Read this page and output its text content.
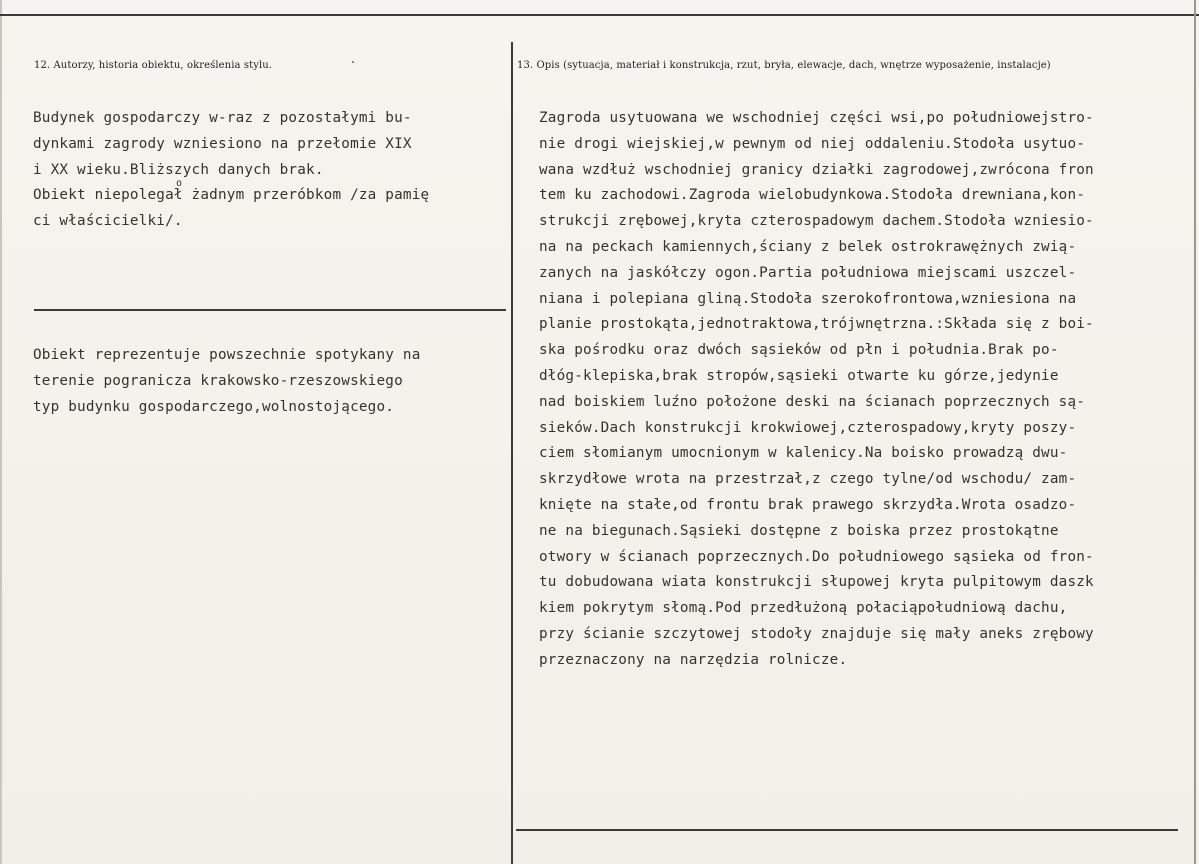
12. Autorzy, historia obiektu, określenia stylu.	13. Opis (sytuacja, materiał i konstrukcja, rzut, bryła, elewacje, dach, wnętrze wyposażenie, instalacje)
Budynek gospodarczy w-raz z pozostałymi bu-
dynkami zagrody wzniesiono na przełomie XIX
i XX wieku.Bliższych danych brak.
Obiekt niepolegał żadnym przeróbkom /za pamię
ci właścicielki/.
o
Obiekt reprezentuje powszechnie spotykany na
terenie pogranicza krakowsko-rzeszowskiego
typ budynku gospodarczego,wolnostojącego.
Zagroda usytuowana we wschodniej części wsi,po południowejstro-
nie drogi wiejskiej,w pewnym od niej oddaleniu.Stodoła usytuo-
wana wzdłuż wschodniej granicy działki zagrodowej,zwrócona fron
tem ku zachodowi.Zagroda wielobudynkowa.Stodoła drewniana,kon-
strukcji zrębowej,kryta czterospadowym dachem.Stodoła wzniesio-
na na peckach kamiennych,ściany z belek ostrokrawężnych zwią-
zanych na jaskółczy ogon.Partia południowa miejscami uszczel-
niana i polepiana gliną.Stodoła szerokofrontowa,wzniesiona na
planie prostokąta,jednotraktowa,trójwnętrzna.:Składa się z boi-
ska pośrodku oraz dwóch sąsieków od płn i południa.Brak po-
dłóg-klepiska,brak stropów,sąsieki otwarte ku górze,jedynie
nad boiskiem luźno położone deski na ścianach poprzecznych są-
sieków.Dach konstrukcji krokwiowej,czterospadowy,kryty poszy-
ciem słomianym umocnionym w kalenicy.Na boisko prowadzą dwu-
skrzydłowe wrota na przestrzał,z czego tylne/od wschodu/ zam-
knięte na stałe,od frontu brak prawego skrzydła.Wrota osadzo-
ne na biegunach.Sąsieki dostępne z boiska przez prostokątne
otwory w ścianach poprzecznych.Do południowego sąsieka od fron-
tu dobudowana wiata konstrukcji słupowej kryta pulpitowym daszk
kiem pokrytym słomą.Pod przedłużoną połaciąpołudniową dachu,
przy ścianie szczytowej stodoły znajduje się mały aneks zrębowy
przeznaczony na narzędzia rolnicze.
